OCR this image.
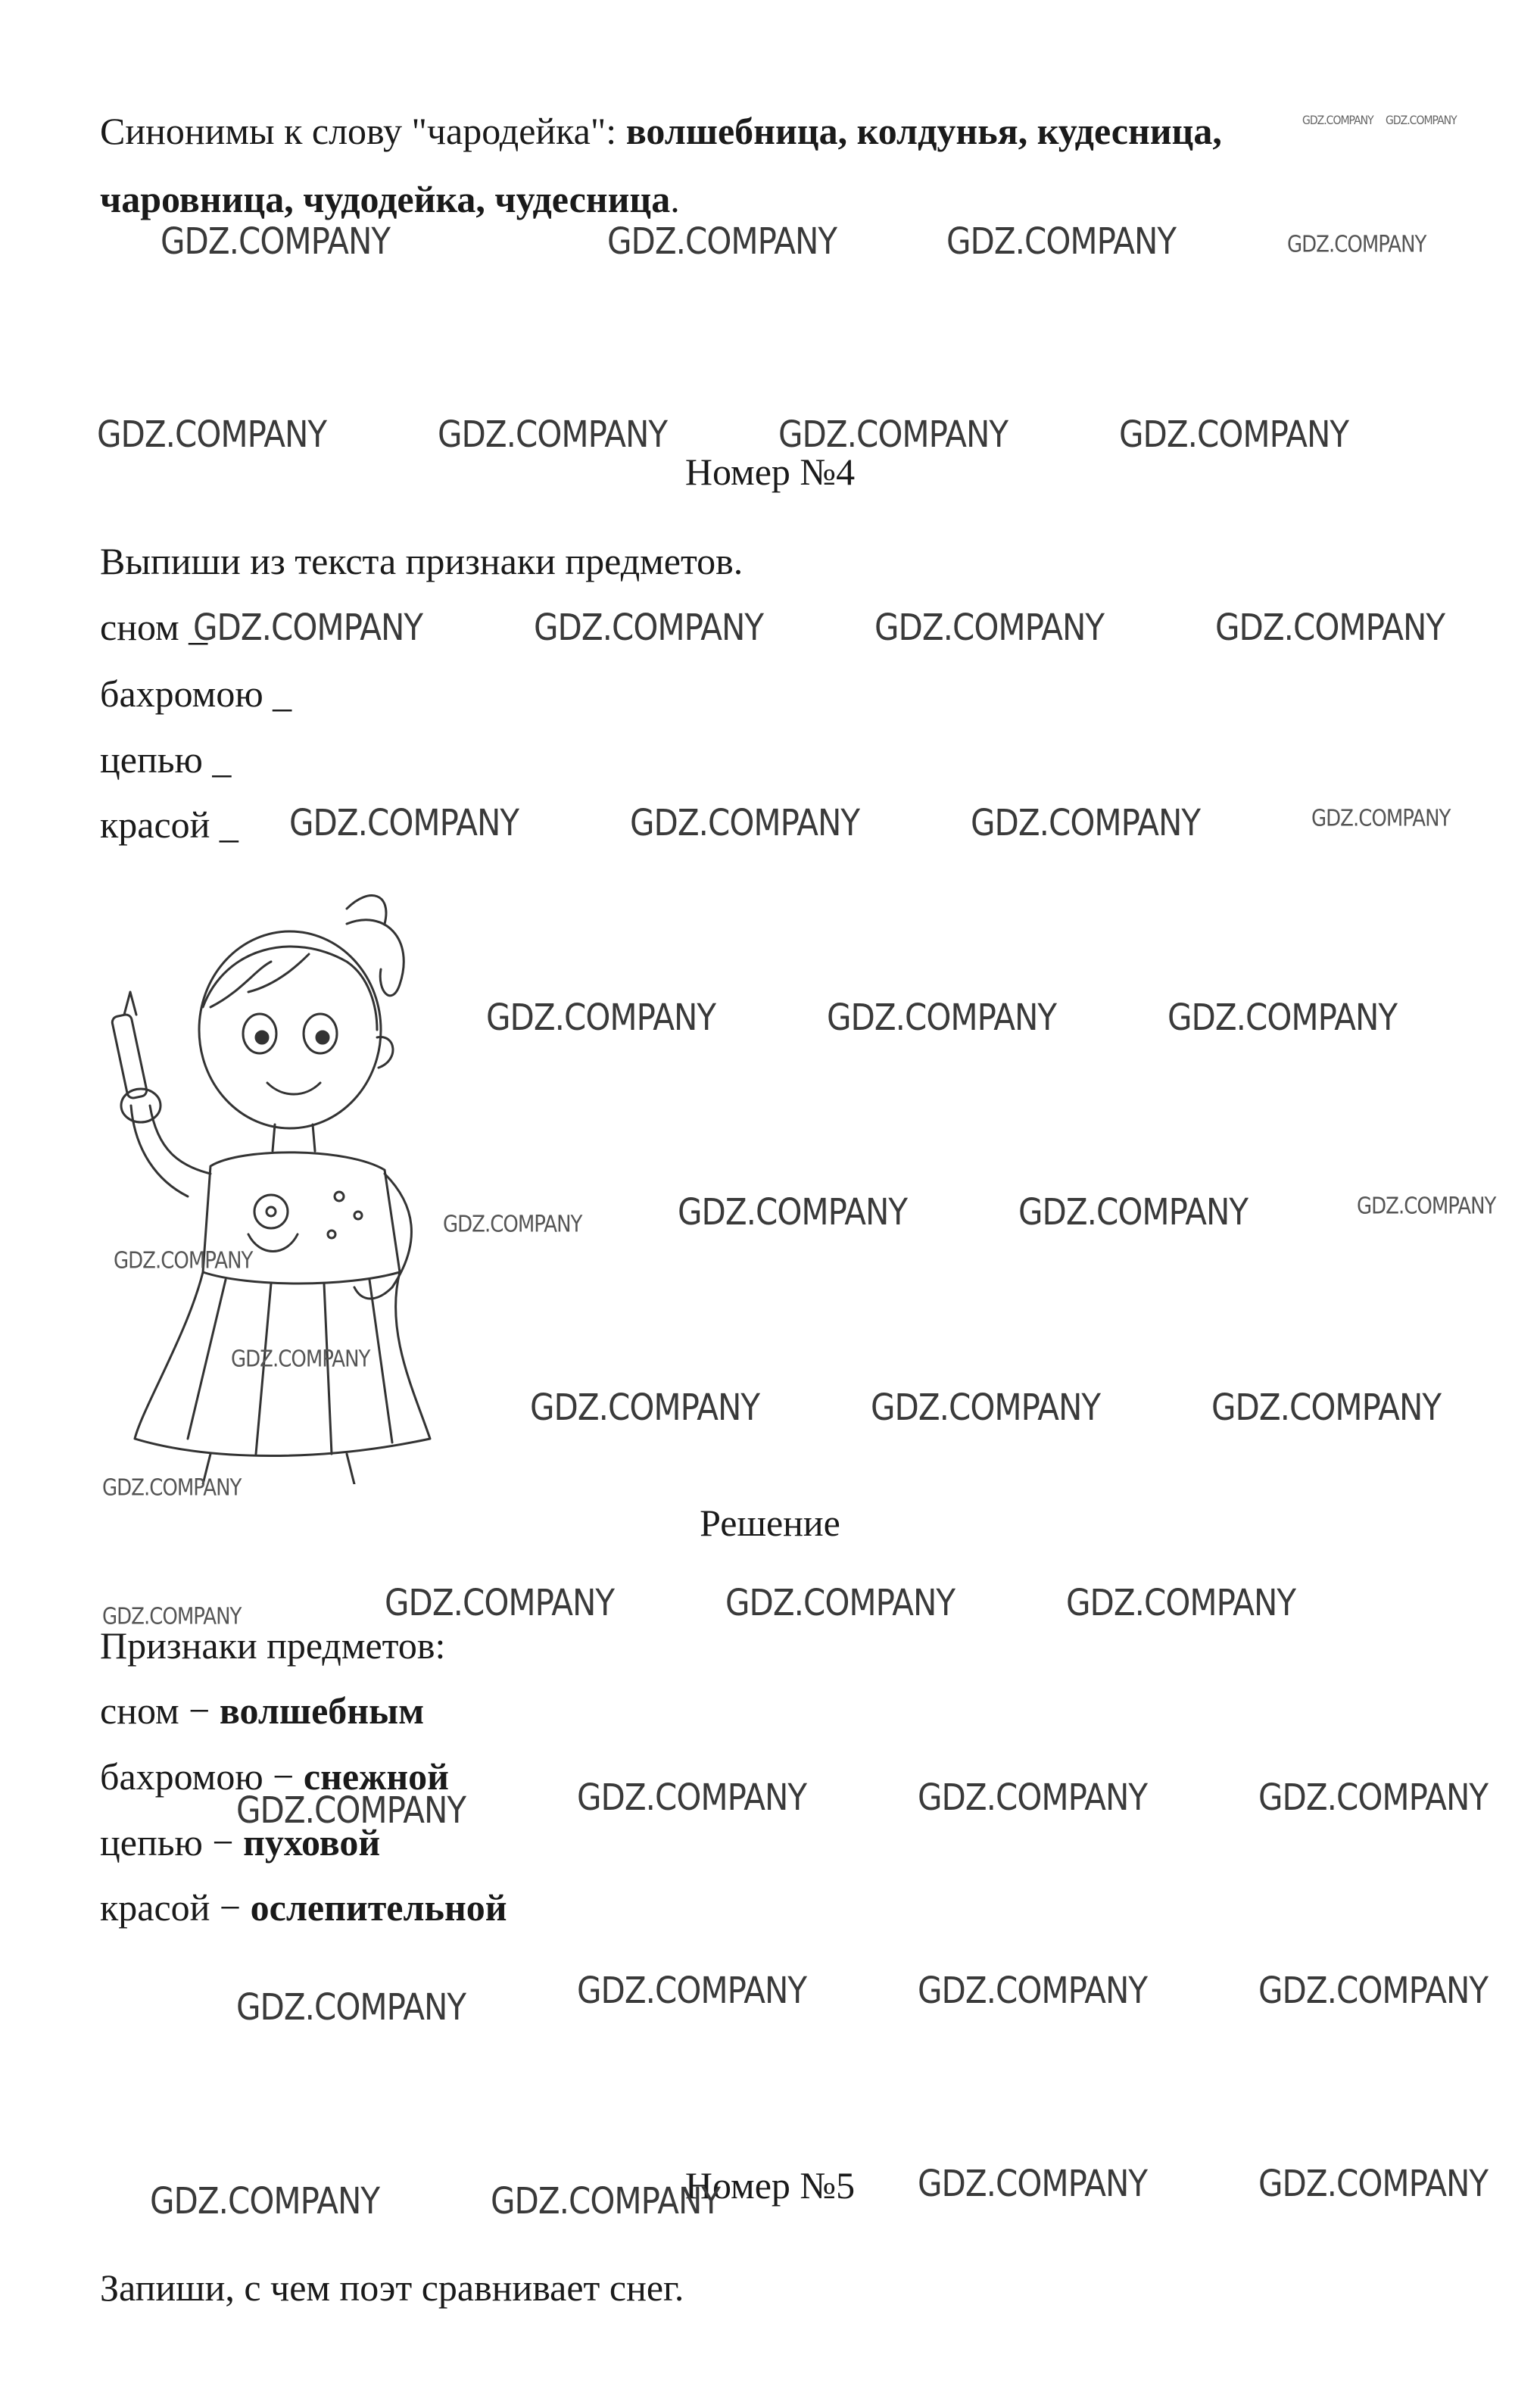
Синонимы к слову "чародейка": волшебница, колдунья, кудесница,
чаровница, чудодейка, чудесница.
Номер №4
Выпиши из текста признаки предметов.
сном _
бахромою _
цепью _
красой _
Решение
Признаки предметов:
сном − волшебным
бахромою − снежной
цепью − пуховой
красой − ослепительной
Номер №5
Запиши, с чем поэт сравнивает снег.
GDZ.COMPANY	GDZ.COMPANY	GDZ.COMPANY	GDZ.COMPANY
GDZ.COMPANY GDZ.COMPANY
GDZ.COMPANY	GDZ.COMPANY	GDZ.COMPANY	GDZ.COMPANY
GDZ.COMPANY	GDZ.COMPANY	GDZ.COMPANY	GDZ.COMPANY
GDZ.COMPANY	GDZ.COMPANY	GDZ.COMPANY	GDZ.COMPANY
GDZ.COMPANY	GDZ.COMPANY	GDZ.COMPANY
GDZ.COMPANY	GDZ.COMPANY	GDZ.COMPANY
GDZ.COMPANY
GDZ.COMPANY
GDZ.COMPANY	GDZ.COMPANY	GDZ.COMPANY
GDZ.COMPANY
GDZ.COMPANY
GDZ.COMPANY	GDZ.COMPANY	GDZ.COMPANY
GDZ.COMPANY
GDZ.COMPANY	GDZ.COMPANY	GDZ.COMPANY	GDZ.COMPANY
GDZ.COMPANY	GDZ.COMPANY	GDZ.COMPANY	GDZ.COMPANY
GDZ.COMPANY	GDZ.COMPANY	GDZ.COMPANY	GDZ.COMPANY
